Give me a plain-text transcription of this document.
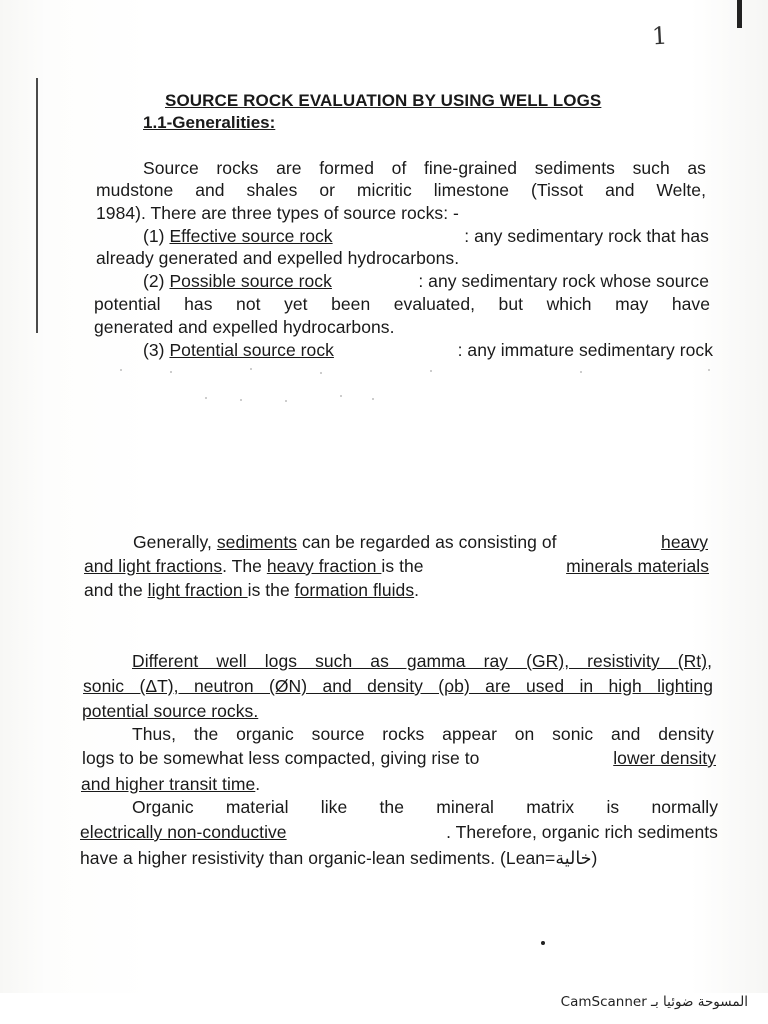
1
SOURCE ROCK EVALUATION BY USING WELL LOGS
1.1-Generalities:
Source rocks are formed of fine-grained sediments such as
mudstone and shales or micritic limestone (Tissot and Welte,
1984). There are three types of source rocks: -
(1) Effective source rock	: any sedimentary rock that has
already generated and expelled hydrocarbons.
(2) Possible source rock	: any sedimentary rock whose source
potential has not yet been evaluated, but which may have
generated and expelled hydrocarbons.
(3) Potential source rock	: any immature sedimentary rock
Generally, sediments can be regarded as consisting of	heavy
and light fractions. The heavy fraction is the	minerals materials
and the light fraction is the formation fluids.
Different well logs such as gamma ray (GR), resistivity (Rt),
sonic (ΔT), neutron (ØN) and density (ρb) are used in high lighting
potential source rocks.
Thus, the organic source rocks appear on sonic and density
logs to be somewhat less compacted, giving rise to	lower density
and higher transit time.
Organic material like the mineral matrix is normally
electrically non-conductive	. Therefore, organic rich sediments
have a higher resistivity than organic-lean sediments. (Lean=خالية)
CamScanner المسوحة ضوئيا بـ
